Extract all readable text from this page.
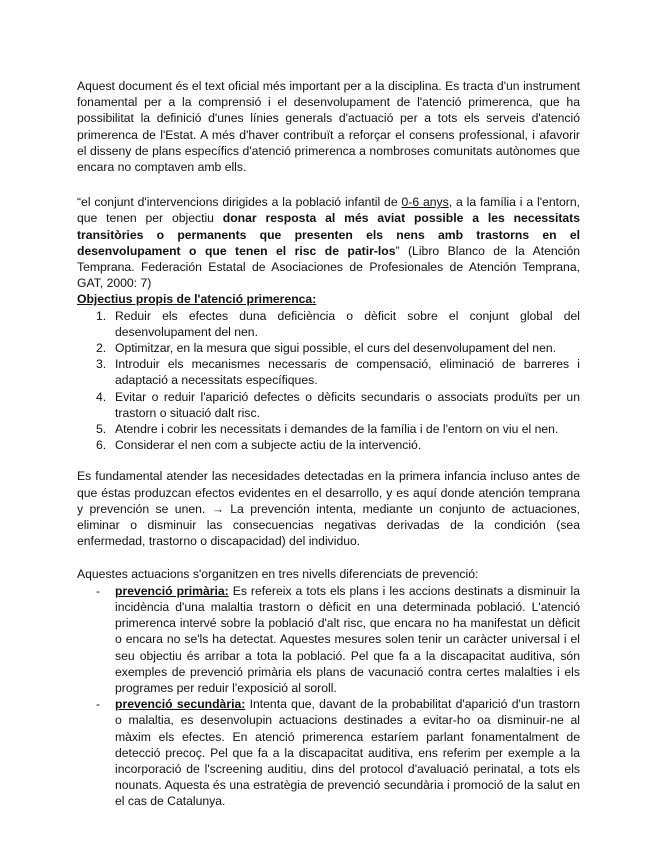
Aquest document és el text oficial més important per a la disciplina. Es tracta d'un instrument fonamental per a la comprensió i el desenvolupament de l'atenció primerenca, que ha possibilitat la definició d'unes línies generals d'actuació per a tots els serveis d'atenció primerenca de l'Estat. A més d'haver contribuït a reforçar el consens professional, i afavorir el disseny de plans específics d'atenció primerenca a nombroses comunitats autònomes que encara no comptaven amb ells.

“el conjunt d'intervencions dirigides a la població infantil de 0-6 anys, a la família i a l'entorn, que tenen per objectiu donar resposta al més aviat possible a les necessitats transitòries o permanents que presenten els nens amb trastorns en el desenvolupament o que tenen el risc de patir-los” (Libro Blanco de la Atención Temprana. Federación Estatal de Asociaciones de Profesionales de Atención Temprana, GAT, 2000: 7)

Objectius propis de l'atenció primerenca:

1. Reduir els efectes duna deficiència o dèficit sobre el conjunt global del desenvolupament del nen.
2. Optimitzar, en la mesura que sigui possible, el curs del desenvolupament del nen.
3. Introduir els mecanismes necessaris de compensació, eliminació de barreres i adaptació a necessitats específiques.
4. Evitar o reduir l'aparició defectes o dèficits secundaris o associats produïts per un trastorn o situació dalt risc.
5. Atendre i cobrir les necessitats i demandes de la família i de l'entorn on viu el nen.
6. Considerar el nen com a subjecte actiu de la intervenció.

Es fundamental atender las necesidades detectadas en la primera infancia incluso antes de que éstas produzcan efectos evidentes en el desarrollo, y es aquí donde atención temprana y prevención se unen. → La prevención intenta, mediante un conjunto de actuaciones, eliminar o disminuir las consecuencias negativas derivadas de la condición (sea enfermedad, trastorno o discapacidad) del individuo.

Aquestes actuacions s'organitzen en tres nivells diferenciats de prevenció:

- prevenció primària: Es refereix a tots els plans i les accions destinats a disminuir la incidència d'una malaltia trastorn o dèficit en una determinada població. L'atenció primerenca intervé sobre la població d'alt risc, que encara no ha manifestat un dèficit o encara no se'ls ha detectat. Aquestes mesures solen tenir un caràcter universal i el seu objectiu és arribar a tota la població. Pel que fa a la discapacitat auditiva, són exemples de prevenció primària els plans de vacunació contra certes malalties i els programes per reduir l'exposició al soroll.
- prevenció secundària: Intenta que, davant de la probabilitat d'aparició d'un trastorn o malaltia, es desenvolupin actuacions destinades a evitar-ho oa disminuir-ne al màxim els efectes. En atenció primerenca estaríem parlant fonamentalment de detecció precoç. Pel que fa a la discapacitat auditiva, ens referim per exemple a la incorporació de l'screening auditiu, dins del protocol d'avaluació perinatal, a tots els nounats. Aquesta és una estratègia de prevenció secundària i promoció de la salut en el cas de Catalunya.
